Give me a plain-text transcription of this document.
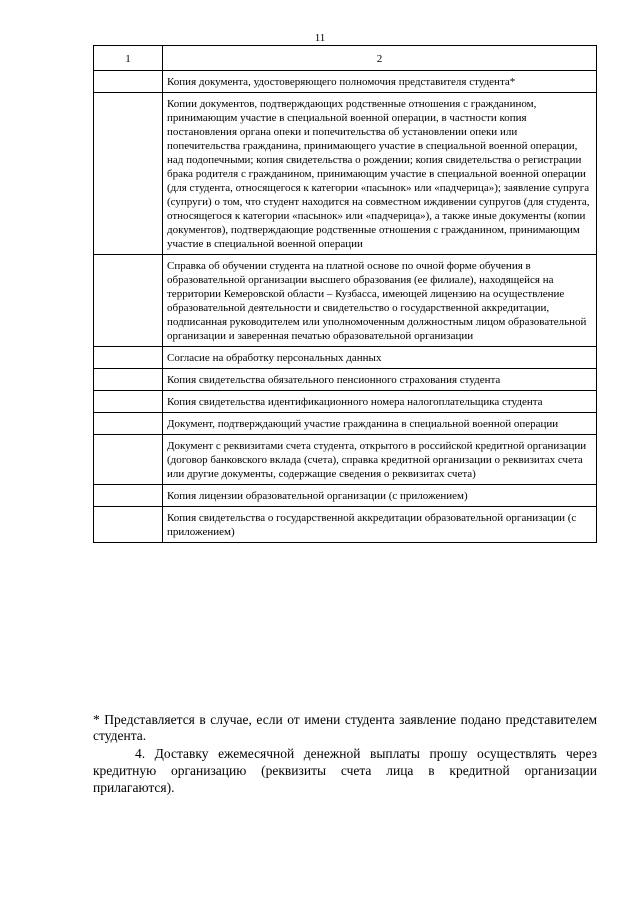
11
1	2
	Копия документа, удостоверяющего полномочия представителя студента*
	Копии документов, подтверждающих родственные отношения с гражданином, принимающим участие в специальной военной операции, в частности копия постановления органа опеки и попечительства об установлении опеки или попечительства гражданина, принимающего участие в специальной военной операции, над подопечными; копия свидетельства о рождении; копия свидетельства о регистрации брака родителя с гражданином, принимающим участие в специальной военной операции (для студента, относящегося к категории «пасынок» или «падчерица»); заявление супруга (супруги) о том, что студент находится на совместном иждивении супругов (для студента, относящегося к категории «пасынок» или «падчерица»), а также иные документы (копии документов), подтверждающие родственные отношения с гражданином, принимающим участие в специальной военной операции
	Справка об обучении студента на платной основе по очной форме обучения в образовательной организации высшего образования (ее филиале), находящейся на территории Кемеровской области – Кузбасса, имеющей лицензию на осуществление образовательной деятельности и свидетельство о государственной аккредитации, подписанная руководителем или уполномоченным должностным лицом образовательной организации и заверенная печатью образовательной организации
	Согласие на обработку персональных данных
	Копия свидетельства обязательного пенсионного страхования студента
	Копия свидетельства идентификационного номера налогоплательщика студента
	Документ, подтверждающий участие гражданина в специальной военной операции
	Документ с реквизитами счета студента, открытого в российской кредитной организации (договор банковского вклада (счета), справка кредитной организации о реквизитах счета или другие документы, содержащие сведения о реквизитах счета)
	Копия лицензии образовательной организации (с приложением)
	Копия свидетельства о государственной аккредитации образовательной организации (с приложением)
* Представляется в случае, если от имени студента заявление подано представителем студента.
4. Доставку ежемесячной денежной выплаты прошу осуществлять через кредитную организацию (реквизиты счета лица в кредитной организации прилагаются).
